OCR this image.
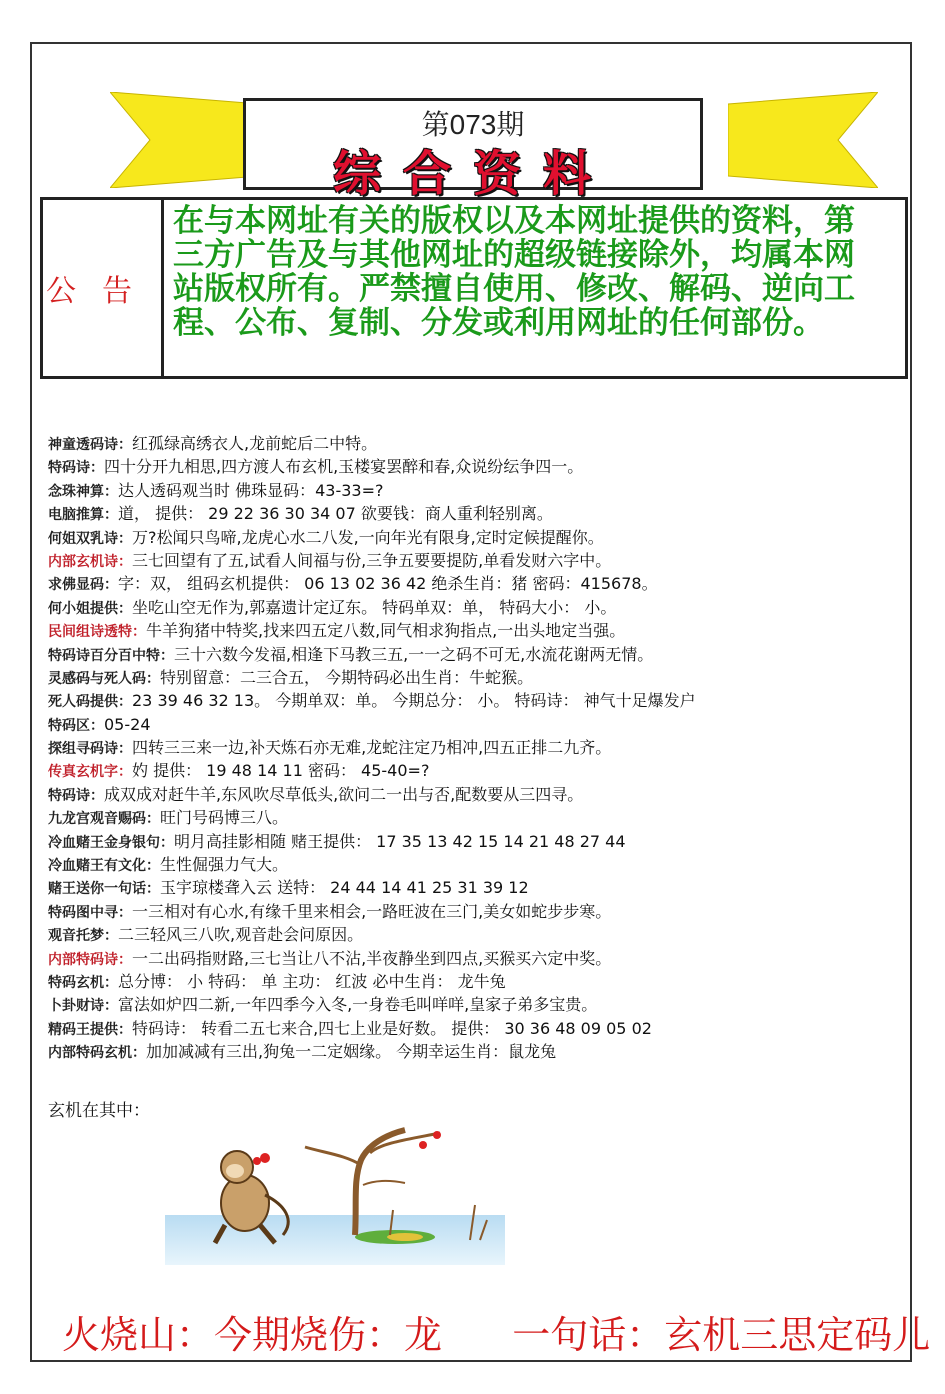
第073期
综合资料
公告
在与本网址有关的版权以及本网址提供的资料，第三方广告及与其他网址的超级链接除外，均属本网站版权所有。严禁擅自使用、修改、解码、逆向工程、公布、复制、分发或利用网址的任何部份。
神童透码诗：红孤绿高绣衣人,龙前蛇后二中特。
特码诗：四十分开九相思,四方渡人布玄机,玉楼宴罢醉和春,众说纷纭争四一。
念珠神算：达人透码观当时 佛珠显码：43-33=?
电脑推算：道， 提供： 29 22 36 30 34 07 欲要钱：商人重利轻别离。
何姐双乳诗：万?松闻只鸟啼,龙虎心水二八发,一向年光有限身,定时定候提醒你。
内部玄机诗：三七回望有了五,试看人间福与份,三争五要要提防,单看发财六字中。
求佛显码：字：双， 组码玄机提供： 06 13 02 36 42 绝杀生肖：猪 密码：415678。
何小姐提供：坐吃山空无作为,郭嘉遗计定辽东。 特码单双：单， 特码大小： 小。
民间组诗透特：牛羊狗猪中特奖,找来四五定八数,同气相求狗指点,一出头地定当强。
特码诗百分百中特：三十六数今发福,相逢下马教三五,一一之码不可无,水流花谢两无情。
灵感码与死人码：特别留意：二三合五， 今期特码必出生肖：牛蛇猴。
死人码提供：23 39 46 32 13。 今期单双：单。 今期总分： 小。 特码诗： 神气十足爆发户
特码区：05-24
探组寻码诗：四转三三来一边,补天炼石亦无难,龙蛇注定乃相冲,四五正排二九齐。
传真玄机字：妁 提供： 19 48 14 11 密码： 45-40=?
特码诗：成双成对赶牛羊,东风吹尽草低头,欲问二一出与否,配数要从三四寻。
九龙宫观音赐码：旺门号码博三八。
冷血赌王金身银句：明月高挂影相随 赌王提供： 17 35 13 42 15 14 21 48 27 44
冷血赌王有文化：生性倔强力气大。
赌王送你一句话：玉宇琼楼聋入云 送特： 24 44 14 41 25 31 39 12
特码图中寻：一三相对有心水,有缘千里来相会,一路旺波在三门,美女如蛇步步寒。
观音托梦：二三轻风三八吹,观音赴会问原因。
内部特码诗：一二出码指财路,三七当让八不沾,半夜静坐到四点,买猴买六定中奖。
特码玄机：总分博： 小 特码： 单 主功： 红波 必中生肖： 龙牛兔
卜卦财诗：富法如炉四二新,一年四季今入冬,一身卷毛叫咩咩,皇家子弟多宝贵。
精码王提供：特码诗： 转看二五七来合,四七上业是好数。 提供： 30 36 48 09 05 02
内部特码玄机：加加减减有三出,狗兔一二定姻缘。 今期幸运生肖：鼠龙兔
玄机在其中：
火烧山：今期烧伤：龙 一句话：玄机三思定码儿
